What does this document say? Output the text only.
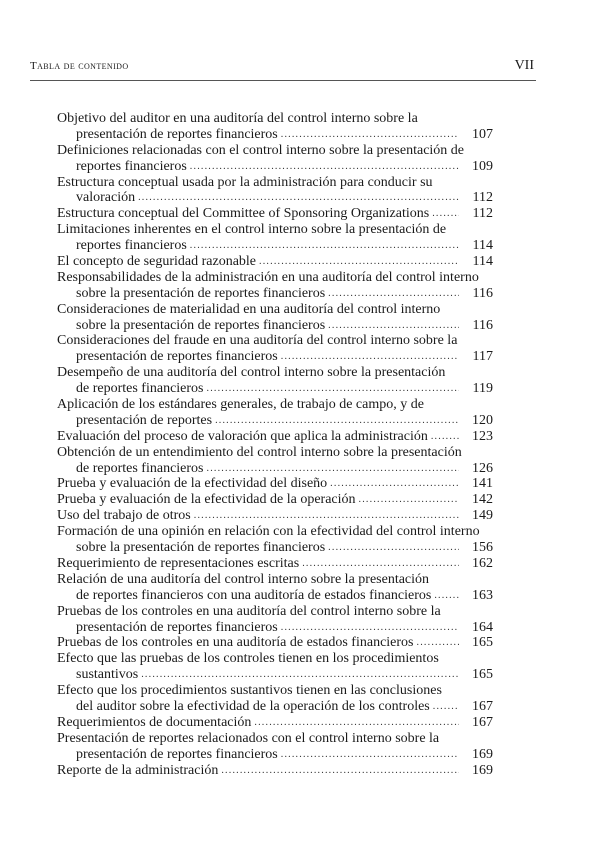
Tabla de contenido	VII
Objetivo del auditor en una auditoría del control interno sobre la
presentación de reportes financieros .....	107
Definiciones relacionadas con el control interno sobre la presentación de
reportes financieros .....	109
Estructura conceptual usada por la administración para conducir su
valoración .....	112
Estructura conceptual del Committee of Sponsoring Organizations .....	112
Limitaciones inherentes en el control interno sobre la presentación de
reportes financieros .....	114
El concepto de seguridad razonable .....	114
Responsabilidades de la administración en una auditoría del control interno
sobre la presentación de reportes financieros .....	116
Consideraciones de materialidad en una auditoría del control interno
sobre la presentación de reportes financieros .....	116
Consideraciones del fraude en una auditoría del control interno sobre la
presentación de reportes financieros .....	117
Desempeño de una auditoría del control interno sobre la presentación
de reportes financieros .....	119
Aplicación de los estándares generales, de trabajo de campo, y de
presentación de reportes .....	120
Evaluación del proceso de valoración que aplica la administración .....	123
Obtención de un entendimiento del control interno sobre la presentación
de reportes financieros .....	126
Prueba y evaluación de la efectividad del diseño .....	141
Prueba y evaluación de la efectividad de la operación .....	142
Uso del trabajo de otros .....	149
Formación de una opinión en relación con la efectividad del control interno
sobre la presentación de reportes financieros .....	156
Requerimiento de representaciones escritas .....	162
Relación de una auditoría del control interno sobre la presentación
de reportes financieros con una auditoría de estados financieros .....	163
Pruebas de los controles en una auditoría del control interno sobre la
presentación de reportes financieros .....	164
Pruebas de los controles en una auditoría de estados financieros .....	165
Efecto que las pruebas de los controles tienen en los procedimientos
sustantivos .....	165
Efecto que los procedimientos sustantivos tienen en las conclusiones
del auditor sobre la efectividad de la operación de los controles .....	167
Requerimientos de documentación .....	167
Presentación de reportes relacionados con el control interno sobre la
presentación de reportes financieros .....	169
Reporte de la administración .....	169
